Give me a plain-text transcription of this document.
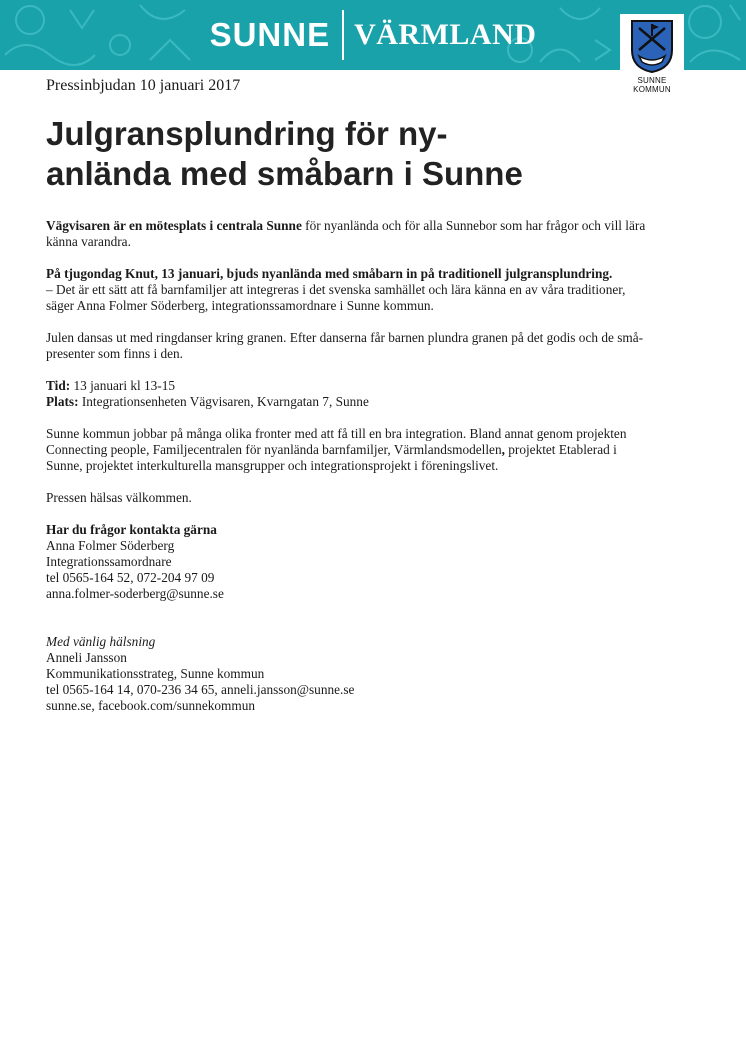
SUNNE VÄRMLAND
SUNNE KOMMUN

Pressinbjudan 10 januari 2017

Julgransplundring för ny-
anlända med småbarn i Sunne

Vägvisaren är en mötesplats i centrala Sunne för nyanlända och för alla Sunnebor som har frågor och vill lära
känna varandra.

På tjugondag Knut, 13 januari, bjuds nyanlända med småbarn in på traditionell julgransplundring.
– Det är ett sätt att få barnfamiljer att integreras i det svenska samhället och lära känna en av våra traditioner,
säger Anna Folmer Söderberg, integrationssamordnare i Sunne kommun.

Julen dansas ut med ringdanser kring granen. Efter danserna får barnen plundra granen på det godis och de små-
presenter som finns i den.

Tid: 13 januari kl 13-15
Plats: Integrationsenheten Vägvisaren, Kvarngatan 7, Sunne

Sunne kommun jobbar på många olika fronter med att få till en bra integration. Bland annat genom projekten
Connecting people, Familjecentralen för nyanlända barnfamiljer, Värmlandsmodellen, projektet Etablerad i
Sunne, projektet interkulturella mansgrupper och integrationsprojekt i föreningslivet.

Pressen hälsas välkommen.

Har du frågor kontakta gärna
Anna Folmer Söderberg
Integrationssamordnare
tel 0565-164 52, 072-204 97 09
anna.folmer-soderberg@sunne.se

Med vänlig hälsning
Anneli Jansson
Kommunikationsstrateg, Sunne kommun
tel 0565-164 14, 070-236 34 65, anneli.jansson@sunne.se
sunne.se, facebook.com/sunnekommun
